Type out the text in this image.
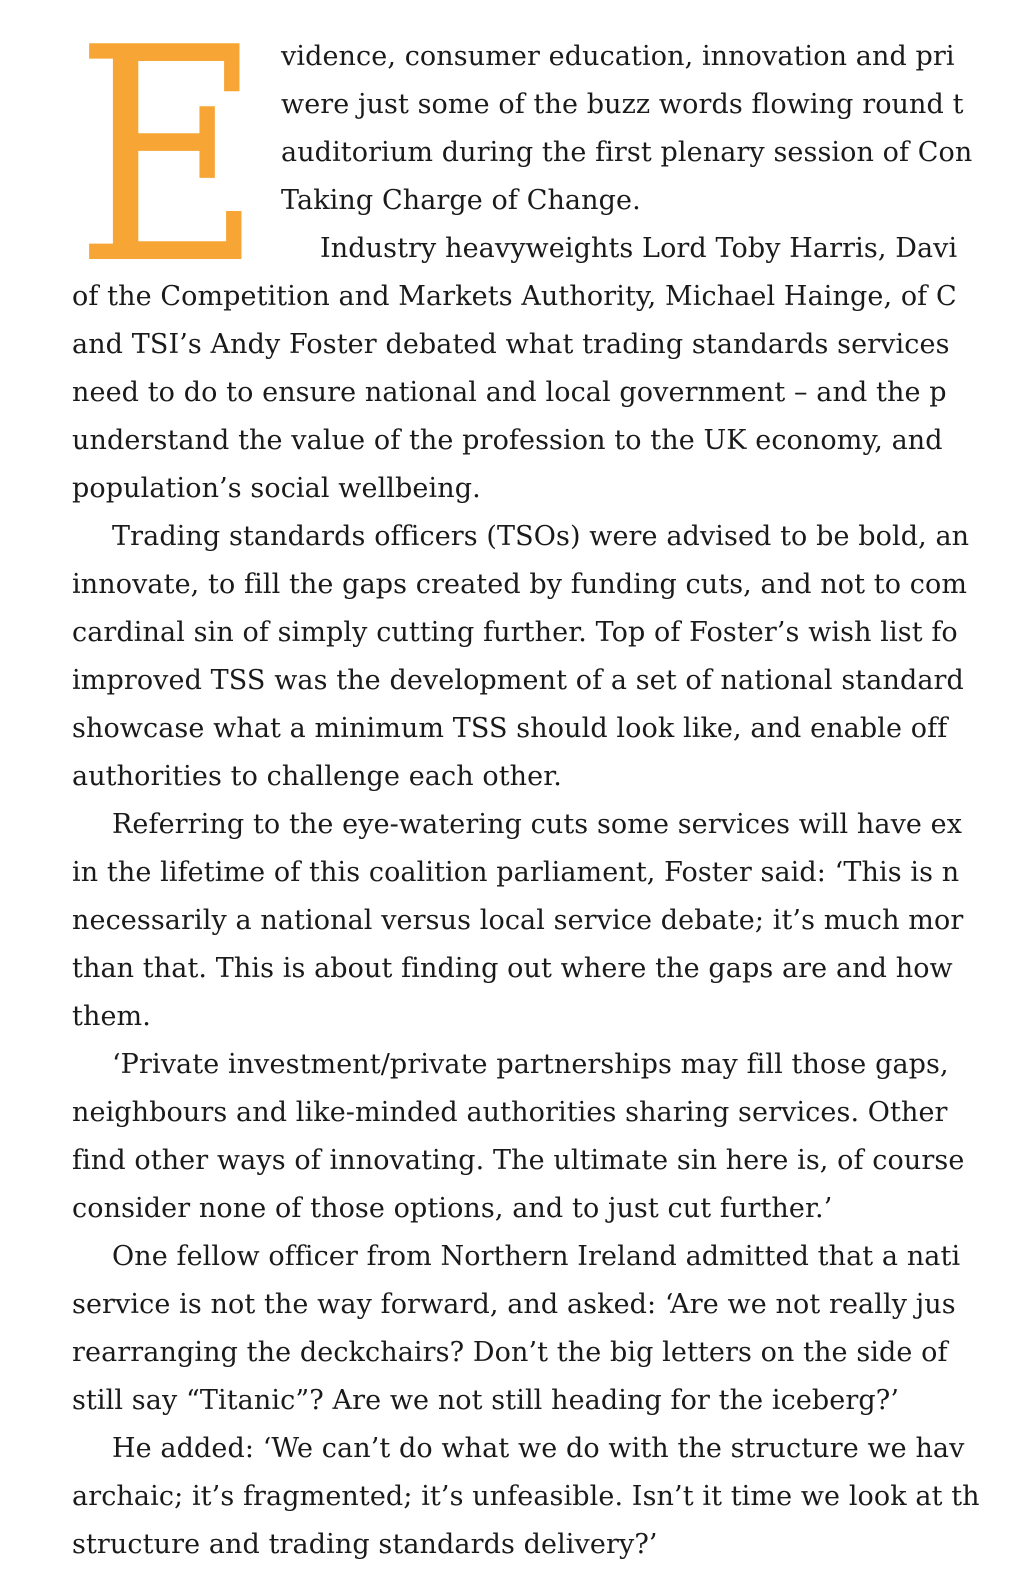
E vidence, consumer education, innovation and pri
were just some of the buzz words flowing round t
auditorium during the first plenary session of Con
Taking Charge of Change.
Industry heavyweights Lord Toby Harris, Davi
of the Competition and Markets Authority, Michael Hainge, of C
and TSI’s Andy Foster debated what trading standards services
need to do to ensure national and local government – and the p
understand the value of the profession to the UK economy, and
population’s social wellbeing.
Trading standards officers (TSOs) were advised to be bold, an
innovate, to fill the gaps created by funding cuts, and not to com
cardinal sin of simply cutting further. Top of Foster’s wish list fo
improved TSS was the development of a set of national standard
showcase what a minimum TSS should look like, and enable off
authorities to challenge each other.
Referring to the eye-watering cuts some services will have ex
in the lifetime of this coalition parliament, Foster said: ‘This is n
necessarily a national versus local service debate; it’s much mor
than that. This is about finding out where the gaps are and how
them.
‘Private investment/private partnerships may fill those gaps,
neighbours and like-minded authorities sharing services. Other
find other ways of innovating. The ultimate sin here is, of course
consider none of those options, and to just cut further.’
One fellow officer from Northern Ireland admitted that a nati
service is not the way forward, and asked: ‘Are we not really jus
rearranging the deckchairs? Don’t the big letters on the side of
still say “Titanic”? Are we not still heading for the iceberg?’
He added: ‘We can’t do what we do with the structure we hav
archaic; it’s fragmented; it’s unfeasible. Isn’t it time we look at th
structure and trading standards delivery?’
